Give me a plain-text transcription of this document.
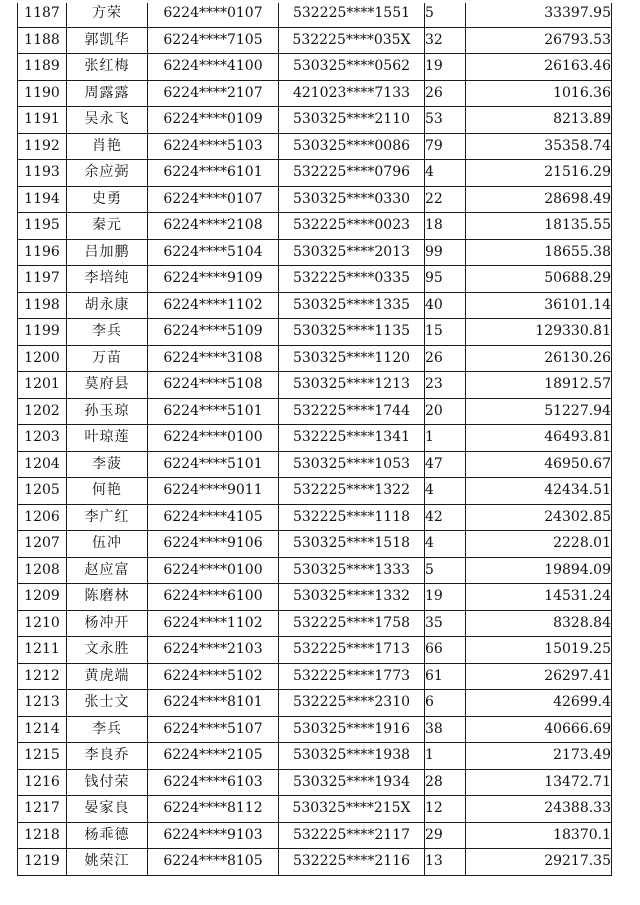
1187	方荣	6224****0107	532225****1551	5	33397.95
1188	郭凯华	6224****7105	532225****035X	32	26793.53
1189	张红梅	6224****4100	530325****0562	19	26163.46
1190	周露露	6224****2107	421023****7133	26	1016.36
1191	吴永飞	6224****0109	530325****2110	53	8213.89
1192	肖艳	6224****5103	530325****0086	79	35358.74
1193	余应弼	6224****6101	532225****0796	4	21516.29
1194	史勇	6224****0107	530325****0330	22	28698.49
1195	秦元	6224****2108	532225****0023	18	18135.55
1196	吕加鹏	6224****5104	530325****2013	99	18655.38
1197	李培纯	6224****9109	532225****0335	95	50688.29
1198	胡永康	6224****1102	530325****1335	40	36101.14
1199	李兵	6224****5109	530325****1135	15	129330.81
1200	万苗	6224****3108	530325****1120	26	26130.26
1201	莫府县	6224****5108	530325****1213	23	18912.57
1202	孙玉琼	6224****5101	532225****1744	20	51227.94
1203	叶琼莲	6224****0100	532225****1341	1	46493.81
1204	李菠	6224****5101	530325****1053	47	46950.67
1205	何艳	6224****9011	532225****1322	4	42434.51
1206	李广红	6224****4105	532225****1118	42	24302.85
1207	伍冲	6224****9106	530325****1518	4	2228.01
1208	赵应富	6224****0100	530325****1333	5	19894.09
1209	陈磨林	6224****6100	530325****1332	19	14531.24
1210	杨冲开	6224****1102	532225****1758	35	8328.84
1211	文永胜	6224****2103	532225****1713	66	15019.25
1212	黄虎端	6224****5102	532225****1773	61	26297.41
1213	张士文	6224****8101	532225****2310	6	42699.4
1214	李兵	6224****5107	530325****1916	38	40666.69
1215	李良乔	6224****2105	530325****1938	1	2173.49
1216	钱付荣	6224****6103	530325****1934	28	13472.71
1217	晏家良	6224****8112	530325****215X	12	24388.33
1218	杨乖德	6224****9103	532225****2117	29	18370.1
1219	姚荣江	6224****8105	532225****2116	13	29217.35
